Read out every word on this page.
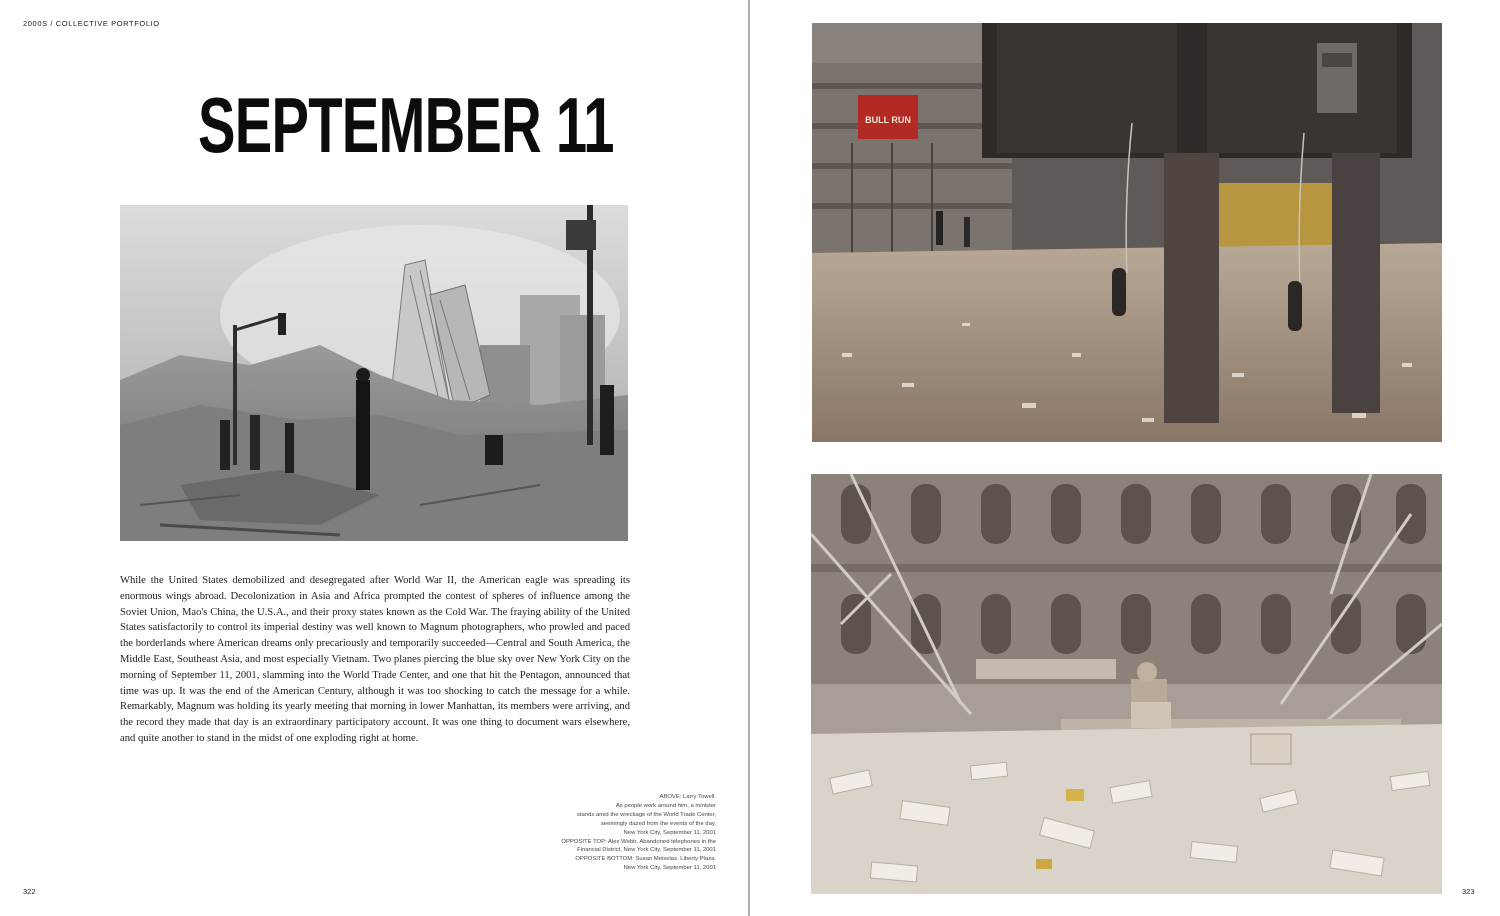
2000S / COLLECTIVE PORTFOLIO
SEPTEMBER 11

While the United States demobilized and desegregated after World War II, the American eagle was spreading its enormous wings abroad. Decolonization in Asia and Africa prompted the contest of spheres of influence among the Soviet Union, Mao's China, the U.S.A., and their proxy states known as the Cold War. The fraying ability of the United States satisfactorily to control its imperial destiny was well known to Magnum photographers, who prowled and paced the borderlands where American dreams only precariously and temporarily succeeded—Central and South America, the Middle East, Southeast Asia, and most especially Vietnam. Two planes piercing the blue sky over New York City on the morning of September 11, 2001, slamming into the World Trade Center, and one that hit the Pentagon, announced that time was up. It was the end of the American Century, although it was too shocking to catch the message for a while. Remarkably, Magnum was holding its yearly meeting that morning in lower Manhattan, its members were arriving, and the record they made that day is an extraordinary participatory account. It was one thing to document wars elsewhere, and quite another to stand in the midst of one exploding right at home.

ABOVE: Larry Towell.
As people work around him, a minister
stands amid the wreckage of the World Trade Center,
seemingly dazed from the events of the day.
New York City, September 11, 2001
OPPOSITE TOP: Alex Webb. Abandoned telephones in the
Financial District. New York City, September 11, 2001
OPPOSITE BOTTOM: Susan Meiselas. Liberty Plaza.
New York City, September 11, 2001
322
BULL RUN
323
